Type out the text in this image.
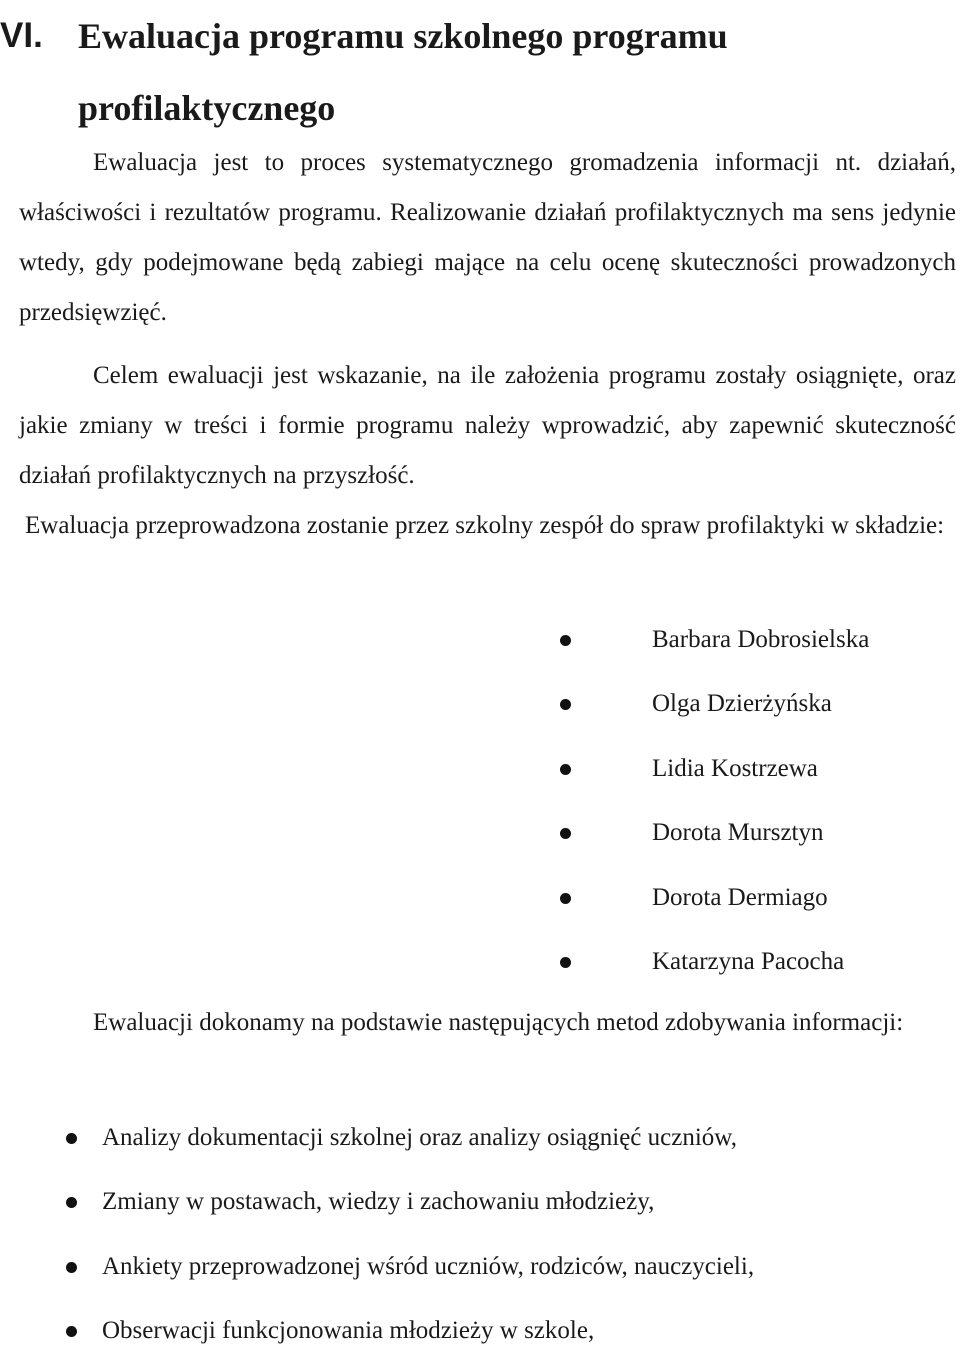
VI. Ewaluacja programu szkolnego programu profilaktycznego

Ewaluacja jest to proces systematycznego gromadzenia informacji nt. działań, właściwości i rezultatów programu. Realizowanie działań profilaktycznych ma sens jedynie wtedy, gdy podejmowane będą zabiegi mające na celu ocenę skuteczności prowadzonych przedsięwzięć.

Celem ewaluacji jest wskazanie, na ile założenia programu zostały osiągnięte, oraz jakie zmiany w treści i formie programu należy wprowadzić, aby zapewnić skuteczność działań profilaktycznych na przyszłość.

Ewaluacja przeprowadzona zostanie przez szkolny zespół do spraw profilaktyki w składzie:

Barbara Dobrosielska
Olga Dzierżyńska
Lidia Kostrzewa
Dorota Mursztyn
Dorota Dermiago
Katarzyna Pacocha

Ewaluacji dokonamy na podstawie następujących metod zdobywania informacji:

Analizy dokumentacji szkolnej oraz analizy osiągnięć uczniów,
Zmiany w postawach, wiedzy i zachowaniu młodzieży,
Ankiety przeprowadzonej wśród uczniów, rodziców, nauczycieli,
Obserwacji funkcjonowania młodzieży w szkole,
